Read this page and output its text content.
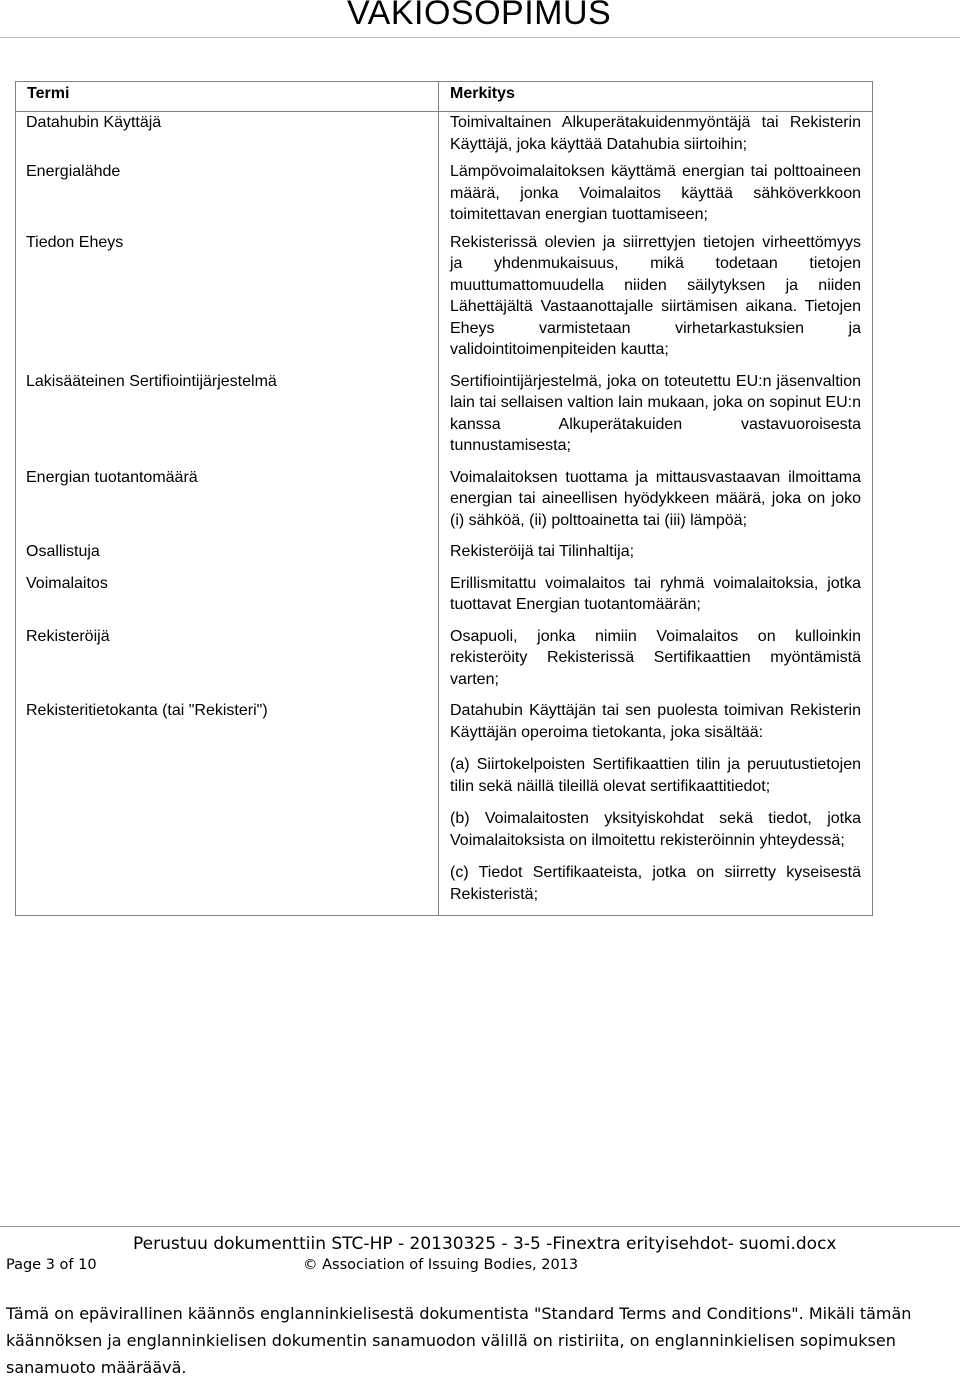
VAKIOSOPIMUS
Termi	Merkitys
Datahubin Käyttäjä	Toimivaltainen Alkuperätakuidenmyöntäjä tai Rekisterin Käyttäjä, joka käyttää Datahubia siirtoihin;

Energialähde	Lämpövoimalaitoksen käyttämä energian tai polttoaineen määrä, jonka Voimalaitos käyttää sähköverkkoon toimitettavan energian tuottamiseen;

Tiedon Eheys	Rekisterissä olevien ja siirrettyjen tietojen virheettömyys ja yhdenmukaisuus, mikä todetaan tietojen muuttumattomuudella niiden säilytyksen ja niiden Lähettäjältä Vastaanottajalle siirtämisen aikana. Tietojen Eheys varmistetaan virhetarkastuksien ja validointitoimenpiteiden kautta;

Lakisääteinen Sertifiointijärjestelmä	Sertifiointijärjestelmä, joka on toteutettu EU:n jäsenvaltion lain tai sellaisen valtion lain mukaan, joka on sopinut EU:n kanssa Alkuperätakuiden vastavuoroisesta tunnustamisesta;

Energian tuotantomäärä	Voimalaitoksen tuottama ja mittausvastaavan ilmoittama energian tai aineellisen hyödykkeen määrä, joka on joko (i) sähköä, (ii) polttoainetta tai (iii) lämpöä;

Osallistuja	Rekisteröijä tai Tilinhaltija;

Voimalaitos	Erillismitattu voimalaitos tai ryhmä voimalaitoksia, jotka tuottavat Energian tuotantomäärän;

Rekisteröijä	Osapuoli, jonka nimiin Voimalaitos on kulloinkin rekisteröity Rekisterissä Sertifikaattien myöntämistä varten;

Rekisteritietokanta (tai "Rekisteri")	Datahubin Käyttäjän tai sen puolesta toimivan Rekisterin Käyttäjän operoima tietokanta, joka sisältää:
(a) Siirtokelpoisten Sertifikaattien tilin ja peruutustietojen tilin sekä näillä tileillä olevat sertifikaattitiedot;
(b) Voimalaitosten yksityiskohdat sekä tiedot, jotka Voimalaitoksista on ilmoitettu rekisteröinnin yhteydessä;
(c) Tiedot Sertifikaateista, jotka on siirretty kyseisestä Rekisteristä;
Perustuu dokumenttiin STC-HP - 20130325 - 3-5 -Finextra erityisehdot- suomi.docx
Page 3 of 10	© Association of Issuing Bodies, 2013
Tämä on epävirallinen käännös englanninkielisestä dokumentista "Standard Terms and Conditions". Mikäli tämän käännöksen ja englanninkielisen dokumentin sanamuodon välillä on ristiriita, on englanninkielisen sopimuksen sanamuoto määräävä.
